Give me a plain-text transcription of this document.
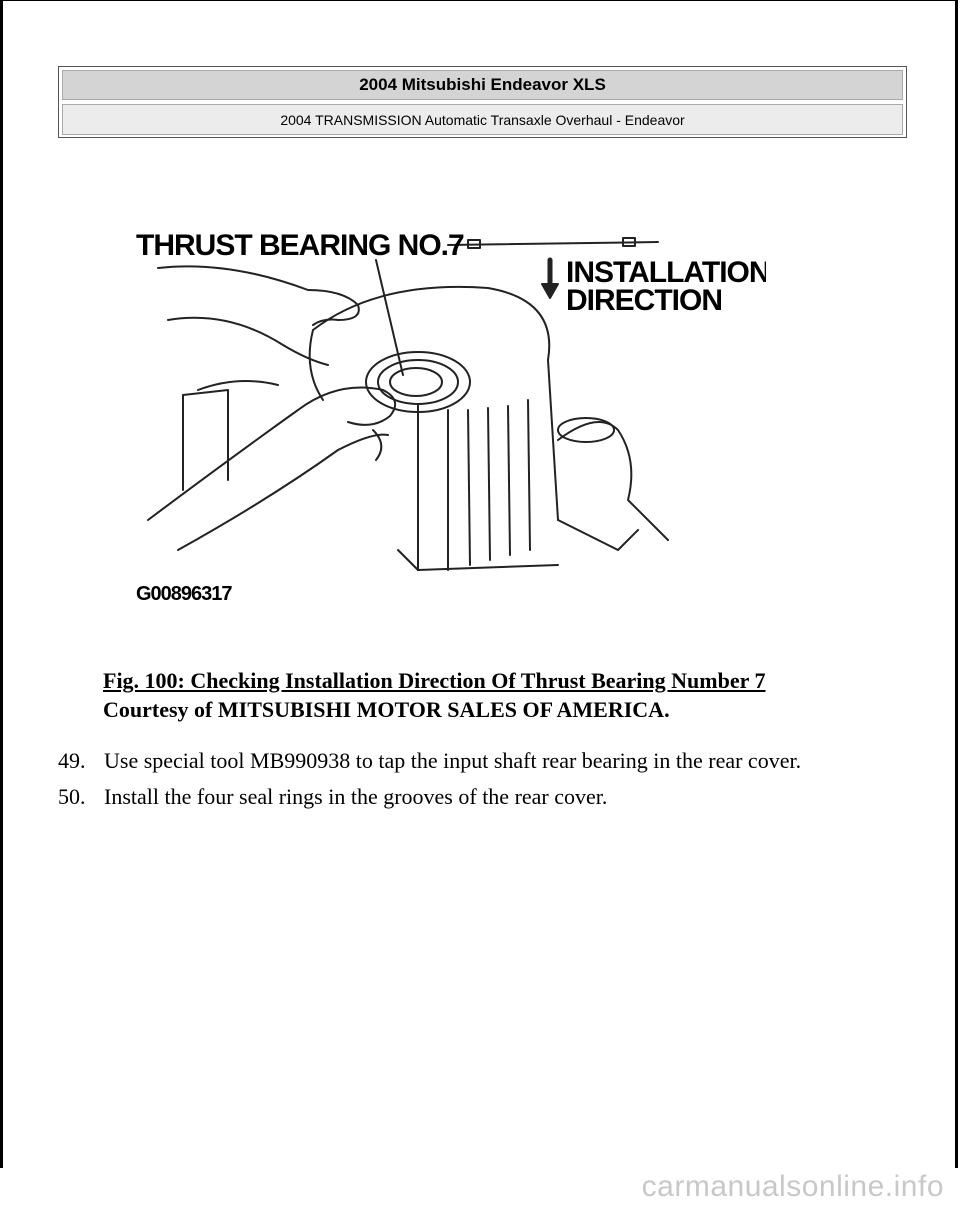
2004 Mitsubishi Endeavor XLS
2004 TRANSMISSION Automatic Transaxle Overhaul - Endeavor
THRUST BEARING NO.7
INSTALLATION
DIRECTION
G00896317
Fig. 100: Checking Installation Direction Of Thrust Bearing Number 7
Courtesy of MITSUBISHI MOTOR SALES OF AMERICA.
49. Use special tool MB990938 to tap the input shaft rear bearing in the rear cover.
50. Install the four seal rings in the grooves of the rear cover.
carmanualsonline.info
